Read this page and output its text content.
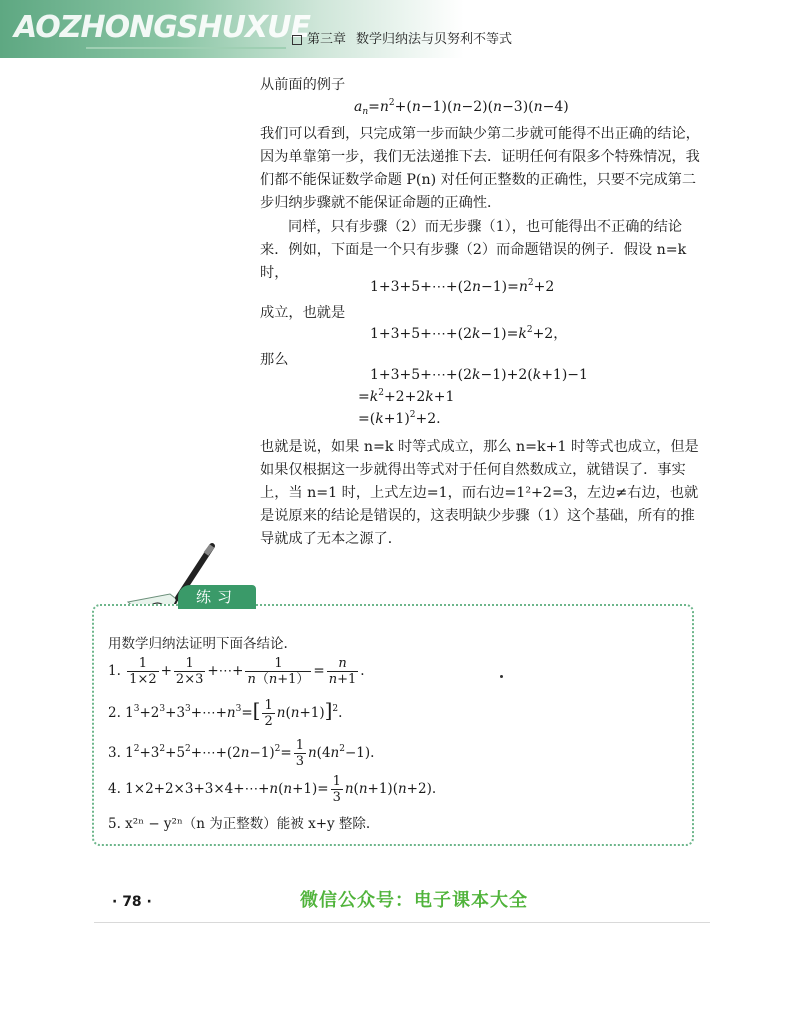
AOZHONGSHUXUE
第三章 数学归纳法与贝努利不等式
从前面的例子
$a_n=n^2+(n-1)(n-2)(n-3)(n-4)$
我们可以看到，只完成第一步而缺少第二步就可能得不出正确的结论，因为单靠第一步，我们无法递推下去．证明任何有限多个特殊情况，我们都不能保证数学命题 P(n) 对任何正整数的正确性，只要不完成第二步归纳步骤就不能保证命题的正确性．
同样，只有步骤（2）而无步骤（1），也可能得出不正确的结论来．例如，下面是一个只有步骤（2）而命题错误的例子．假设 n=k 时，
$1+3+5+\cdots+(2n-1)=n^2+2$
成立，也就是
$1+3+5+\cdots+(2k-1)=k^2+2$，
那么
1+3+5+⋯+(2k−1)+2(k+1)−1
$=k^2+2+2k+1$
$=(k+1)^2+2$.
也就是说，如果 n=k 时等式成立，那么 n=k+1 时等式也成立，但是如果仅根据这一步就得出等式对于任何自然数成立，就错误了．事实上，当 n=1 时，上式左边=1，而右边=1²+2=3，左边≠右边，也就是说原来的结论是错误的，这表明缺少步骤（1）这个基础，所有的推导就成了无本之源了．
练习
用数学归纳法证明下面各结论.
1. $\frac{1}{1\times 2} + \frac{1}{2\times 3}$ +⋯+ $\frac{1}{n(n+1)} = \frac{n}{n+1}$ .
2. $1^3+2^3+3^3+\cdots+n^3=[ \frac{1}{2} n(n+1)]^2$.
3. $1^2+3^2+5^2+\cdots+(2n-1)^2= \frac{1}{3} n(4n^2-1)$.
4. 1×2+2×3+3×4+⋯+n(n+1)= $\frac{1}{3} n(n+1)(n+2)$.
5. x²ⁿ − y²ⁿ（n 为正整数）能被 x+y 整除.
· 78 ·	微信公众号：电子课本大全
